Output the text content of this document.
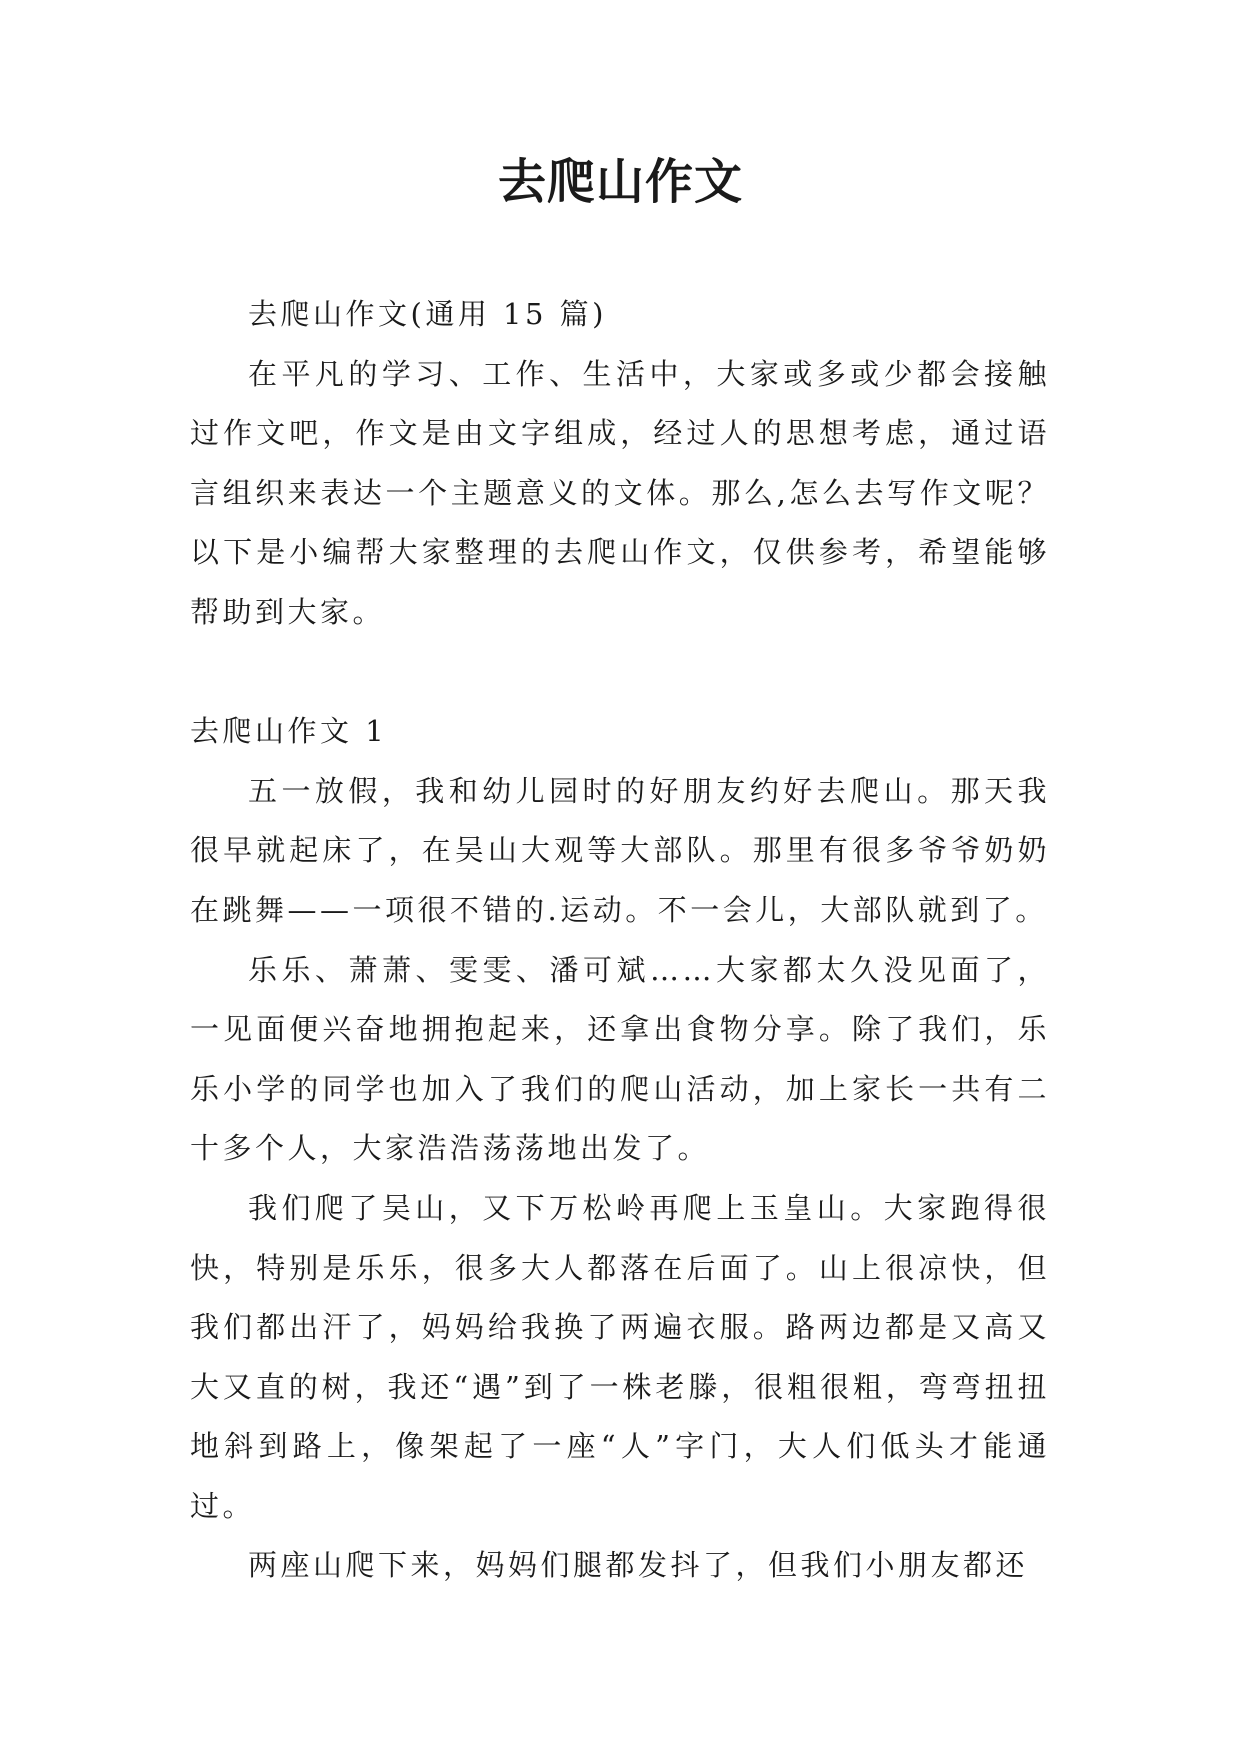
去爬山作文

去爬山作文(通用 15 篇)

在平凡的学习、工作、生活中，大家或多或少都会接触过作文吧，作文是由文字组成，经过人的思想考虑，通过语言组织来表达一个主题意义的文体。那么,怎么去写作文呢？以下是小编帮大家整理的去爬山作文，仅供参考，希望能够帮助到大家。

去爬山作文 1

五一放假，我和幼儿园时的好朋友约好去爬山。那天我很早就起床了，在吴山大观等大部队。那里有很多爷爷奶奶在跳舞——一项很不错的.运动。不一会儿，大部队就到了。

乐乐、萧萧、雯雯、潘可斌……大家都太久没见面了，一见面便兴奋地拥抱起来，还拿出食物分享。除了我们，乐乐小学的同学也加入了我们的爬山活动，加上家长一共有二十多个人，大家浩浩荡荡地出发了。

我们爬了吴山，又下万松岭再爬上玉皇山。大家跑得很快，特别是乐乐，很多大人都落在后面了。山上很凉快，但我们都出汗了，妈妈给我换了两遍衣服。路两边都是又高又大又直的树，我还“遇”到了一株老滕，很粗很粗，弯弯扭扭地斜到路上，像架起了一座“人”字门，大人们低头才能通过。

两座山爬下来，妈妈们腿都发抖了，但我们小朋友都还
